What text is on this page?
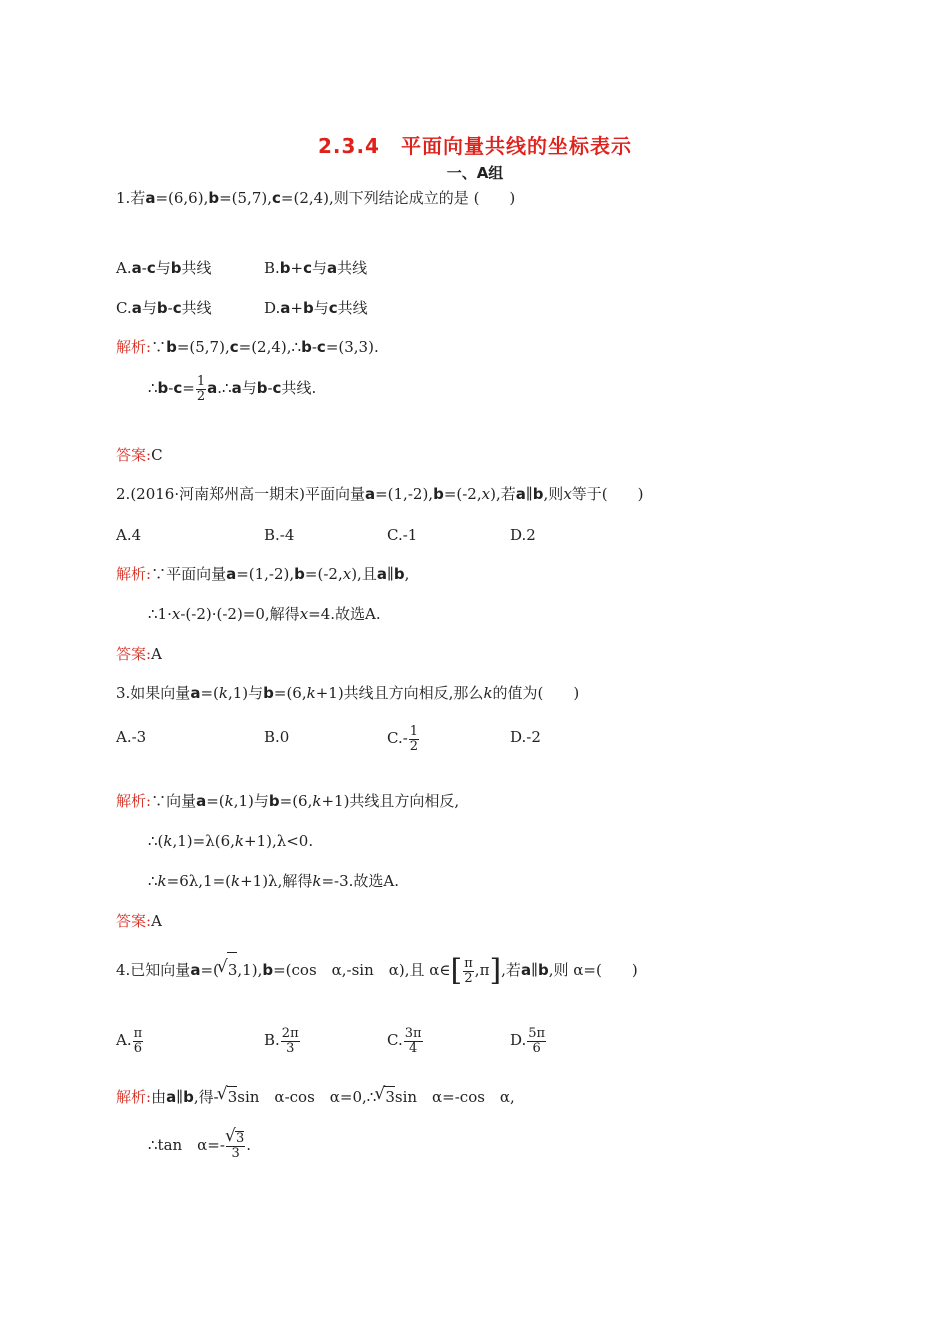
2.3.4　平面向量共线的坐标表示
一、A组
1.若a=(6,6),b=(5,7),c=(2,4),则下列结论成立的是 (　　)
A.a-c与b共线	B.b+c与a共线
C.a与b-c共线	D.a+b与c共线
解析:∵b=(5,7),c=(2,4),∴b-c=(3,3).
∴b-c= $\frac{1}{2}$ a.∴a与b-c共线.
答案:C
2.(2016·河南郑州高一期末)平面向量a=(1,-2),b=(-2,x),若a∥b,则x等于(　　)
A.4	B.-4	C.-1	D.2
解析:∵平面向量a=(1,-2),b=(-2,x),且a∥b,
∴1·x-(-2)·(-2)=0,解得x=4.故选A.
答案:A
3.如果向量a=(k,1)与b=(6,k+1)共线且方向相反,那么k的值为(　　)
A.-3	B.0	$C.- \frac{1}{2}$	D.-2
解析:∵向量a=(k,1)与b=(6,k+1)共线且方向相反,
∴(k,1)=λ(6,k+1),λ<0.
∴k=6λ,1=(k+1)λ,解得k=-3.故选A.
答案:A
4.已知向量a=( √ 3,1),b=(cos　α,-sin　α),且 α∈[ $\frac{\pi}{2} ,\pi$],若a∥b,则 α=(　　)
A. $\frac{\pi}{6}$	B. $\frac{2\pi}{3}$	C. $\frac{3\pi}{4}$	D. $\frac{5\pi}{6}$
解析:由a∥b,得- √ 3sin　α-cos　α=0,∴ √ 3sin　α=-cos　α,
∴tan　α=- √ $\frac{3}{3}$ .
